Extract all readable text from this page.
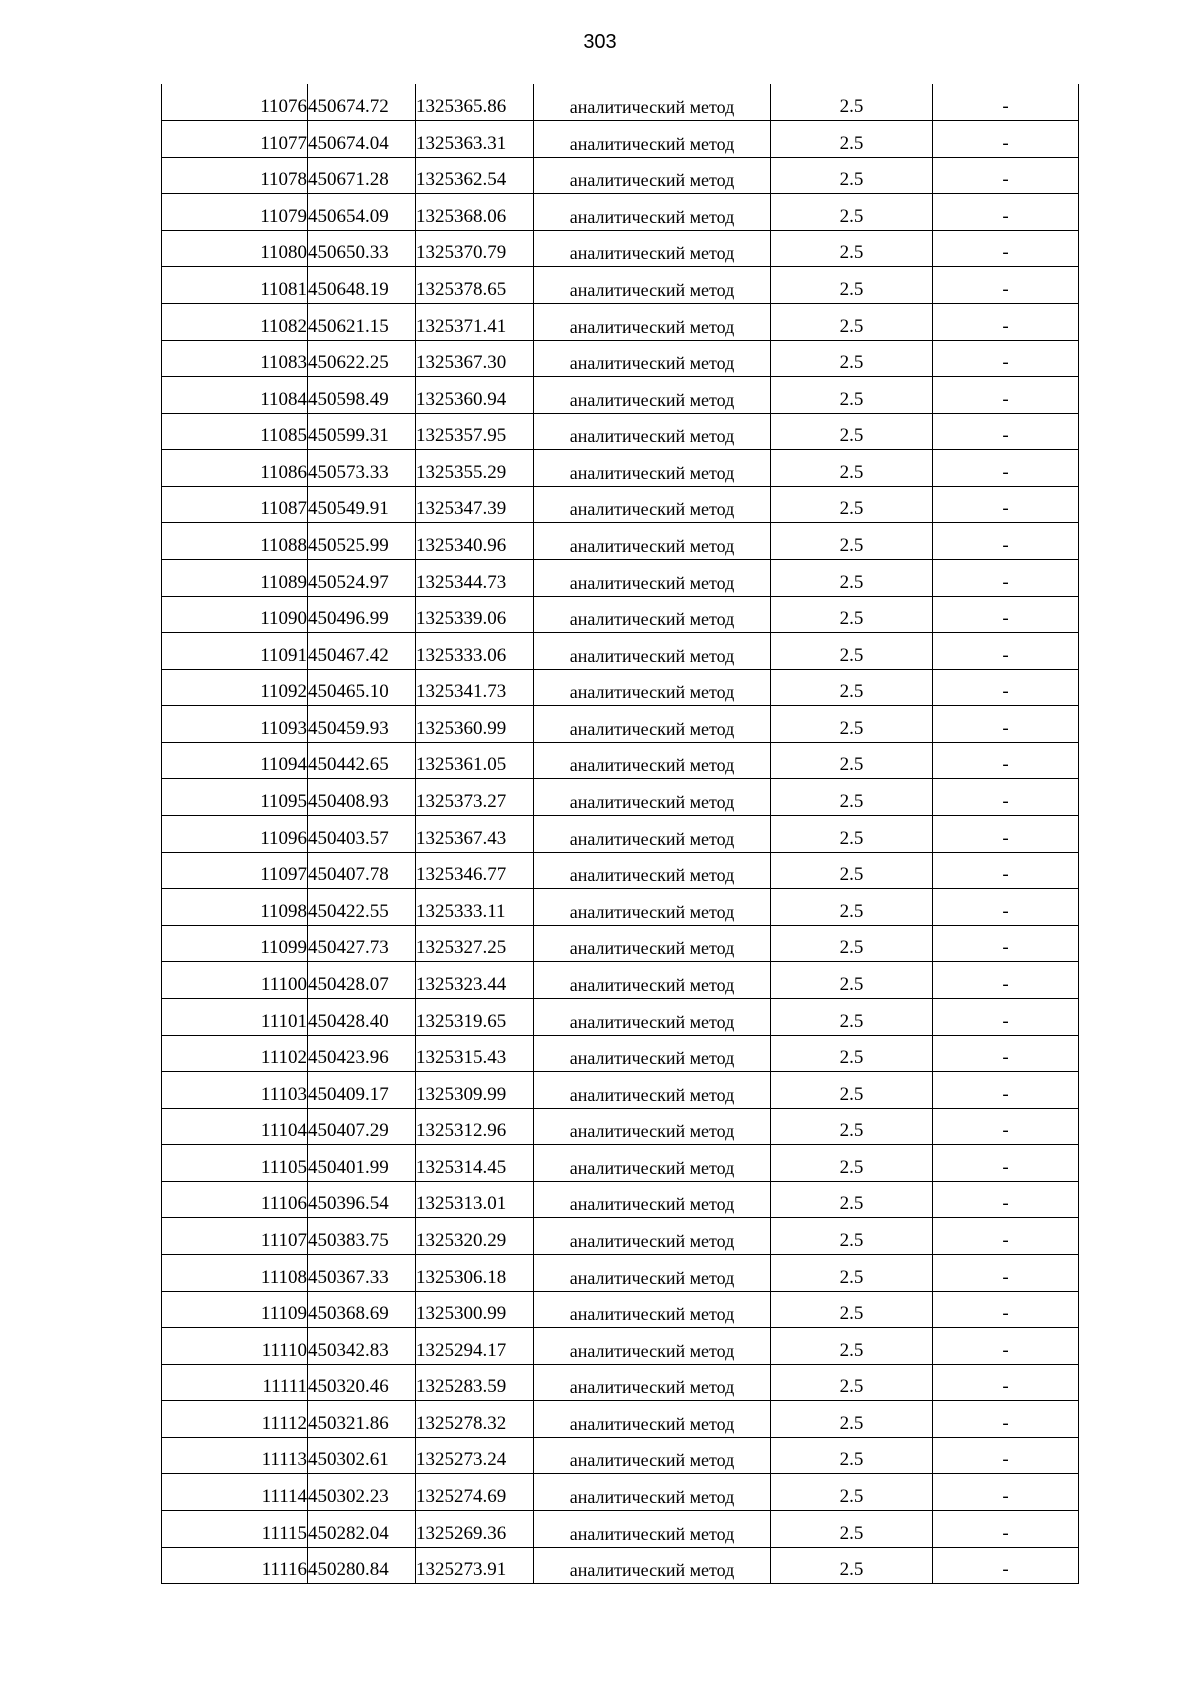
303
11076	450674.72	1325365.86	аналитический метод	2.5	-
11077	450674.04	1325363.31	аналитический метод	2.5	-
11078	450671.28	1325362.54	аналитический метод	2.5	-
11079	450654.09	1325368.06	аналитический метод	2.5	-
11080	450650.33	1325370.79	аналитический метод	2.5	-
11081	450648.19	1325378.65	аналитический метод	2.5	-
11082	450621.15	1325371.41	аналитический метод	2.5	-
11083	450622.25	1325367.30	аналитический метод	2.5	-
11084	450598.49	1325360.94	аналитический метод	2.5	-
11085	450599.31	1325357.95	аналитический метод	2.5	-
11086	450573.33	1325355.29	аналитический метод	2.5	-
11087	450549.91	1325347.39	аналитический метод	2.5	-
11088	450525.99	1325340.96	аналитический метод	2.5	-
11089	450524.97	1325344.73	аналитический метод	2.5	-
11090	450496.99	1325339.06	аналитический метод	2.5	-
11091	450467.42	1325333.06	аналитический метод	2.5	-
11092	450465.10	1325341.73	аналитический метод	2.5	-
11093	450459.93	1325360.99	аналитический метод	2.5	-
11094	450442.65	1325361.05	аналитический метод	2.5	-
11095	450408.93	1325373.27	аналитический метод	2.5	-
11096	450403.57	1325367.43	аналитический метод	2.5	-
11097	450407.78	1325346.77	аналитический метод	2.5	-
11098	450422.55	1325333.11	аналитический метод	2.5	-
11099	450427.73	1325327.25	аналитический метод	2.5	-
11100	450428.07	1325323.44	аналитический метод	2.5	-
11101	450428.40	1325319.65	аналитический метод	2.5	-
11102	450423.96	1325315.43	аналитический метод	2.5	-
11103	450409.17	1325309.99	аналитический метод	2.5	-
11104	450407.29	1325312.96	аналитический метод	2.5	-
11105	450401.99	1325314.45	аналитический метод	2.5	-
11106	450396.54	1325313.01	аналитический метод	2.5	-
11107	450383.75	1325320.29	аналитический метод	2.5	-
11108	450367.33	1325306.18	аналитический метод	2.5	-
11109	450368.69	1325300.99	аналитический метод	2.5	-
11110	450342.83	1325294.17	аналитический метод	2.5	-
11111	450320.46	1325283.59	аналитический метод	2.5	-
11112	450321.86	1325278.32	аналитический метод	2.5	-
11113	450302.61	1325273.24	аналитический метод	2.5	-
11114	450302.23	1325274.69	аналитический метод	2.5	-
11115	450282.04	1325269.36	аналитический метод	2.5	-
11116	450280.84	1325273.91	аналитический метод	2.5	-
